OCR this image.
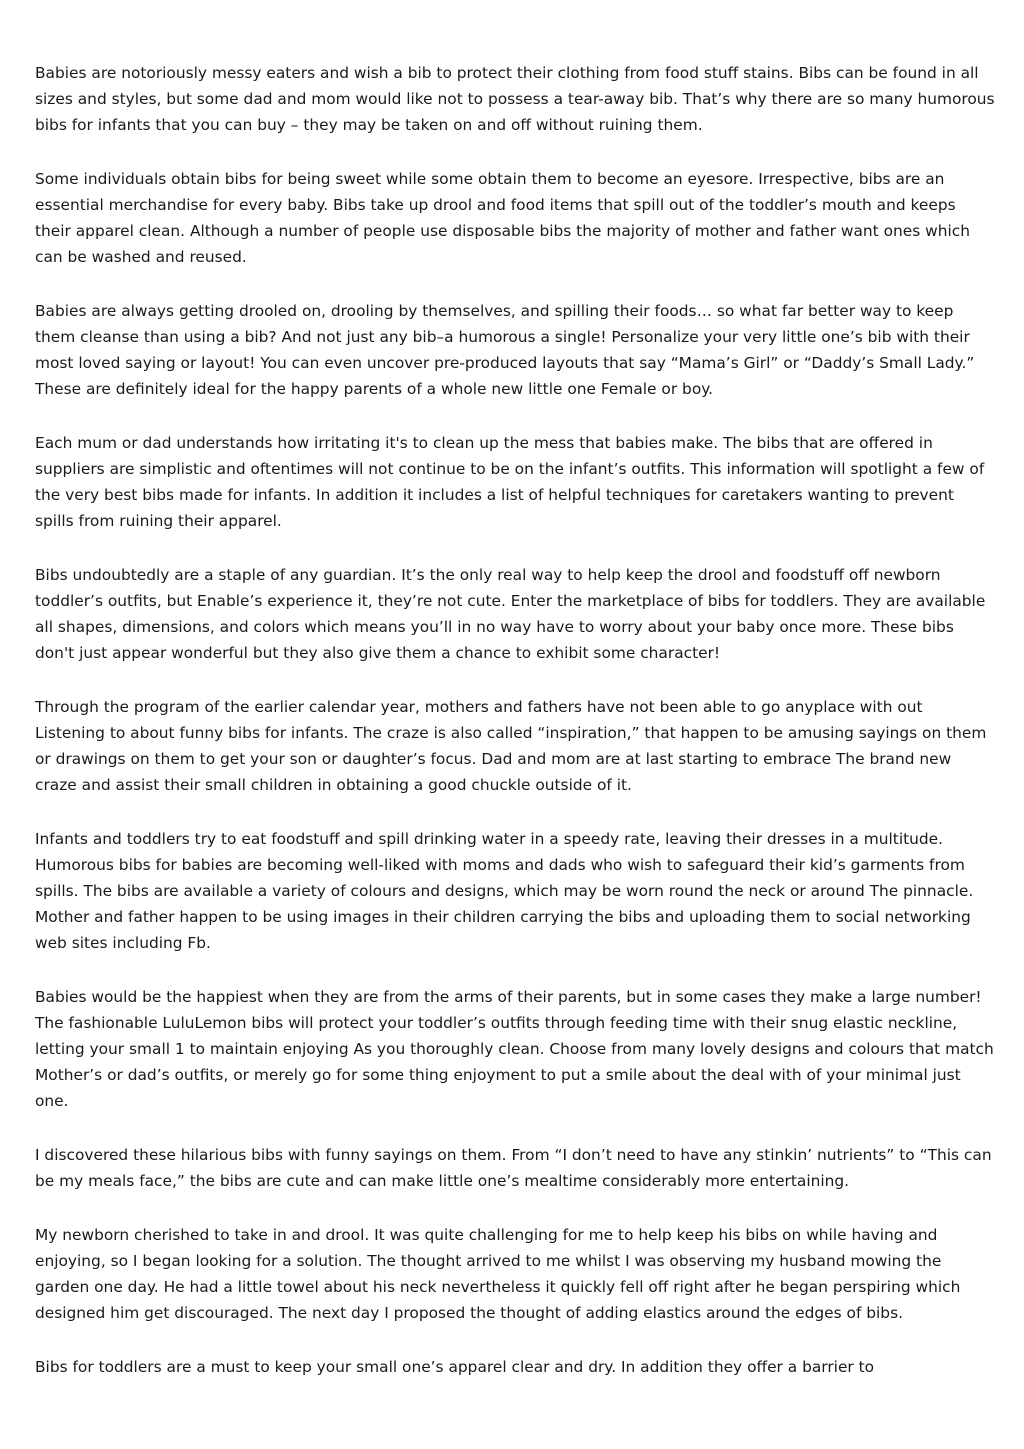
Babies are notoriously messy eaters and wish a bib to protect their clothing from food stuff stains. Bibs can be found in all sizes and styles, but some dad and mom would like not to possess a tear-away bib. That’s why there are so many humorous bibs for infants that you can buy – they may be taken on and off without ruining them.

Some individuals obtain bibs for being sweet while some obtain them to become an eyesore. Irrespective, bibs are an essential merchandise for every baby. Bibs take up drool and food items that spill out of the toddler’s mouth and keeps their apparel clean. Although a number of people use disposable bibs the majority of mother and father want ones which can be washed and reused.

Babies are always getting drooled on, drooling by themselves, and spilling their foods… so what far better way to keep them cleanse than using a bib? And not just any bib–a humorous a single! Personalize your very little one’s bib with their most loved saying or layout! You can even uncover pre-produced layouts that say “Mama’s Girl” or “Daddy’s Small Lady.” These are definitely ideal for the happy parents of a whole new little one Female or boy.

Each mum or dad understands how irritating it's to clean up the mess that babies make. The bibs that are offered in suppliers are simplistic and oftentimes will not continue to be on the infant’s outfits. This information will spotlight a few of the very best bibs made for infants. In addition it includes a list of helpful techniques for caretakers wanting to prevent spills from ruining their apparel.

Bibs undoubtedly are a staple of any guardian. It’s the only real way to help keep the drool and foodstuff off newborn toddler’s outfits, but Enable’s experience it, they’re not cute. Enter the marketplace of bibs for toddlers. They are available all shapes, dimensions, and colors which means you’ll in no way have to worry about your baby once more. These bibs don't just appear wonderful but they also give them a chance to exhibit some character!

Through the program of the earlier calendar year, mothers and fathers have not been able to go anyplace with out Listening to about funny bibs for infants. The craze is also called “inspiration,” that happen to be amusing sayings on them or drawings on them to get your son or daughter’s focus. Dad and mom are at last starting to embrace The brand new craze and assist their small children in obtaining a good chuckle outside of it.

Infants and toddlers try to eat foodstuff and spill drinking water in a speedy rate, leaving their dresses in a multitude. Humorous bibs for babies are becoming well-liked with moms and dads who wish to safeguard their kid’s garments from spills. The bibs are available a variety of colours and designs, which may be worn round the neck or around The pinnacle. Mother and father happen to be using images in their children carrying the bibs and uploading them to social networking web sites including Fb.

Babies would be the happiest when they are from the arms of their parents, but in some cases they make a large number! The fashionable LuluLemon bibs will protect your toddler’s outfits through feeding time with their snug elastic neckline, letting your small 1 to maintain enjoying As you thoroughly clean. Choose from many lovely designs and colours that match Mother’s or dad’s outfits, or merely go for some thing enjoyment to put a smile about the deal with of your minimal just one.

I discovered these hilarious bibs with funny sayings on them. From “I don’t need to have any stinkin’ nutrients” to “This can be my meals face,” the bibs are cute and can make little one’s mealtime considerably more entertaining.

My newborn cherished to take in and drool. It was quite challenging for me to help keep his bibs on while having and enjoying, so I began looking for a solution. The thought arrived to me whilst I was observing my husband mowing the garden one day. He had a little towel about his neck nevertheless it quickly fell off right after he began perspiring which designed him get discouraged. The next day I proposed the thought of adding elastics around the edges of bibs.

Bibs for toddlers are a must to keep your small one’s apparel clear and dry. In addition they offer a barrier to
